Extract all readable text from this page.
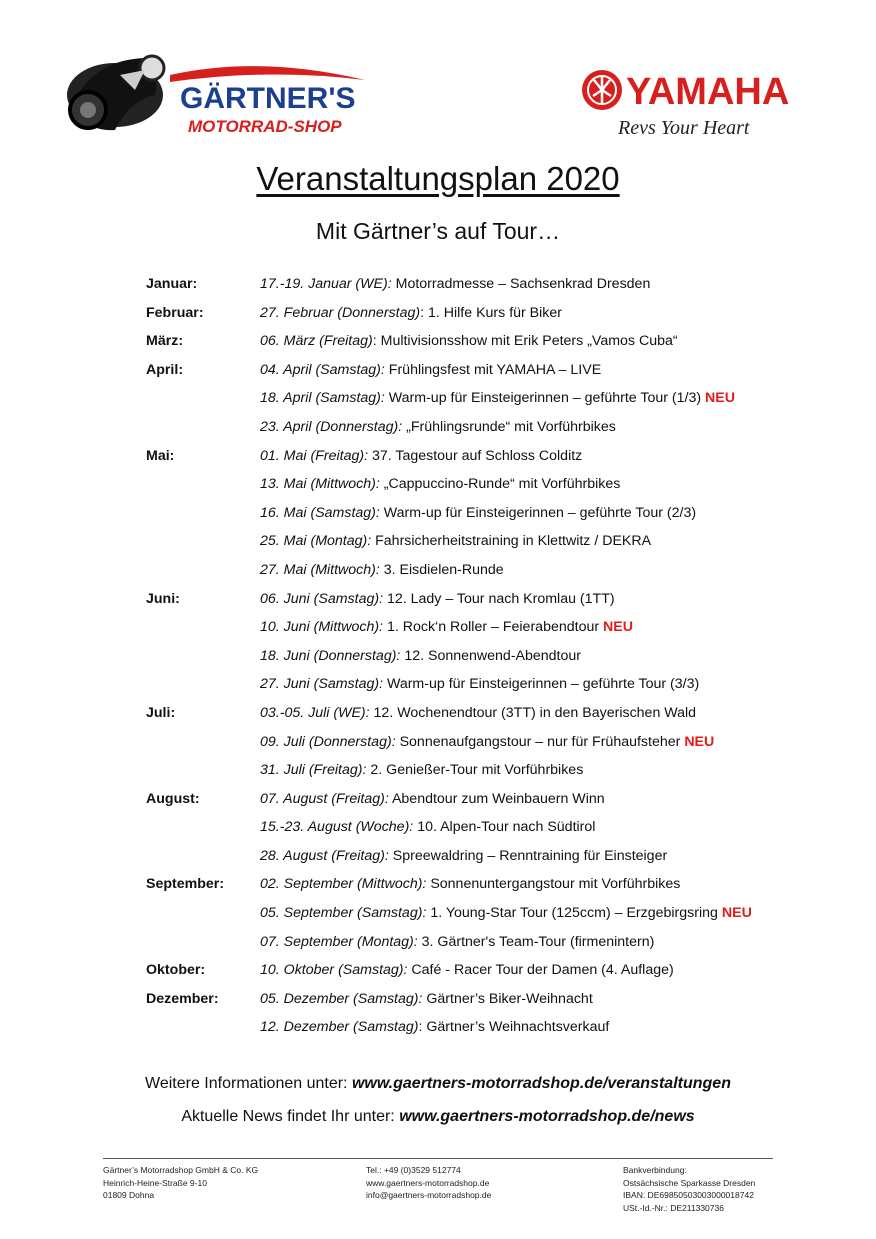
GÄRTNER'S
MOTORRAD-SHOP
YAMAHA
Revs Your Heart
Veranstaltungsplan 2020
Mit Gärtner’s auf Tour…
Januar:	17.-19. Januar (WE): Motorradmesse – Sachsenkrad Dresden
Februar:	27. Februar (Donnerstag): 1. Hilfe Kurs für Biker
März:	06. März (Freitag): Multivisionsshow mit Erik Peters „Vamos Cuba“
April:	04. April (Samstag): Frühlingsfest mit YAMAHA – LIVE
18. April (Samstag): Warm-up für Einsteigerinnen – geführte Tour (1/3) NEU
23. April (Donnerstag): „Frühlingsrunde“ mit Vorführbikes
Mai:	01. Mai (Freitag): 37. Tagestour auf Schloss Colditz
13. Mai (Mittwoch): „Cappuccino-Runde“ mit Vorführbikes
16. Mai (Samstag): Warm-up für Einsteigerinnen – geführte Tour (2/3)
25. Mai (Montag): Fahrsicherheitstraining in Klettwitz / DEKRA
27. Mai (Mittwoch): 3. Eisdielen-Runde
Juni:	06. Juni (Samstag): 12. Lady – Tour nach Kromlau (1TT)
10. Juni (Mittwoch): 1. Rock‘n Roller – Feierabendtour NEU
18. Juni (Donnerstag): 12. Sonnenwend-Abendtour
27. Juni (Samstag): Warm-up für Einsteigerinnen – geführte Tour (3/3)
Juli:	03.-05. Juli (WE): 12. Wochenendtour (3TT) in den Bayerischen Wald
09. Juli (Donnerstag): Sonnenaufgangstour – nur für Frühaufsteher NEU
31. Juli (Freitag): 2. Genießer-Tour mit Vorführbikes
August:	07. August (Freitag): Abendtour zum Weinbauern Winn
15.-23. August (Woche): 10. Alpen-Tour nach Südtirol
28. August (Freitag): Spreewaldring – Renntraining für Einsteiger
September:	02. September (Mittwoch): Sonnenuntergangstour mit Vorführbikes
05. September (Samstag): 1. Young-Star Tour (125ccm) – Erzgebirgsring NEU
07. September (Montag): 3. Gärtner's Team-Tour (firmenintern)
Oktober:	10. Oktober (Samstag): Café - Racer Tour der Damen (4. Auflage)
Dezember:	05. Dezember (Samstag): Gärtner’s Biker-Weihnacht
12. Dezember (Samstag): Gärtner’s Weihnachtsverkauf
Weitere Informationen unter: www.gaertners-motorradshop.de/veranstaltungen
Aktuelle News findet Ihr unter: www.gaertners-motorradshop.de/news
Gärtner’s Motorradshop GmbH & Co. KG
Heinrich-Heine-Straße 9-10
01809 Dohna
Tel.: +49 (0)3529 512774
www.gaertners-motorradshop.de
info@gaertners-motorradshop.de
Bankverbindung:
Ostsächsische Sparkasse Dresden
IBAN: DE69850503003000018742
USt.-Id.-Nr.: DE211330736
